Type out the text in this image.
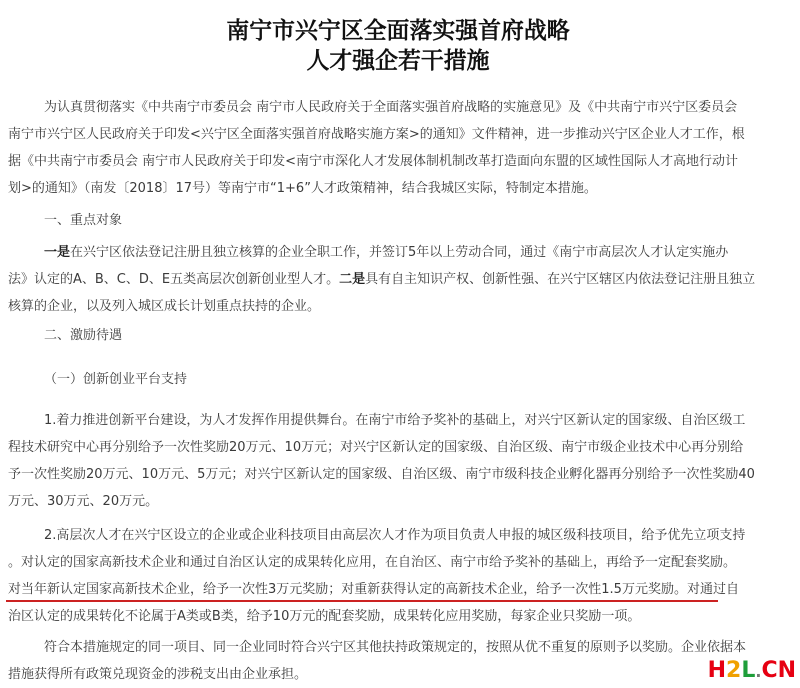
南宁市兴宁区全面落实强首府战略
人才强企若干措施
为认真贯彻落实《中共南宁市委员会 南宁市人民政府关于全面落实强首府战略的实施意见》及《中共南宁市兴宁区委员会
南宁市兴宁区人民政府关于印发<兴宁区全面落实强首府战略实施方案>的通知》文件精神，进一步推动兴宁区企业人才工作，根
据《中共南宁市委员会 南宁市人民政府关于印发<南宁市深化人才发展体制机制改革打造面向东盟的区域性国际人才高地行动计
划>的通知》（南发〔2018〕17号）等南宁市“1+6”人才政策精神，结合我城区实际，特制定本措施。
一、重点对象
一是在兴宁区依法登记注册且独立核算的企业全职工作，并签订5年以上劳动合同，通过《南宁市高层次人才认定实施办
法》认定的A、B、C、D、E五类高层次创新创业型人才。二是具有自主知识产权、创新性强、在兴宁区辖区内依法登记注册且独立
核算的企业，以及列入城区成长计划重点扶持的企业。
二、激励待遇
（一）创新创业平台支持
1.着力推进创新平台建设，为人才发挥作用提供舞台。在南宁市给予奖补的基础上，对兴宁区新认定的国家级、自治区级工
程技术研究中心再分别给予一次性奖励20万元、10万元；对兴宁区新认定的国家级、自治区级、南宁市级企业技术中心再分别给
予一次性奖励20万元、10万元、5万元；对兴宁区新认定的国家级、自治区级、南宁市级科技企业孵化器再分别给予一次性奖励40
万元、30万元、20万元。
2.高层次人才在兴宁区设立的企业或企业科技项目由高层次人才作为项目负责人申报的城区级科技项目，给予优先立项支持
。对认定的国家高新技术企业和通过自治区认定的成果转化应用，在自治区、南宁市给予奖补的基础上，再给予一定配套奖励。
对当年新认定国家高新技术企业，给予一次性3万元奖励；对重新获得认定的高新技术企业，给予一次性1.5万元奖励。对通过自
治区认定的成果转化不论属于A类或B类，给予10万元的配套奖励，成果转化应用奖励，每家企业只奖励一项。
符合本措施规定的同一项目、同一企业同时符合兴宁区其他扶持政策规定的，按照从优不重复的原则予以奖励。企业依据本
措施获得所有政策兑现资金的涉税支出由企业承担。	H2L.CN
